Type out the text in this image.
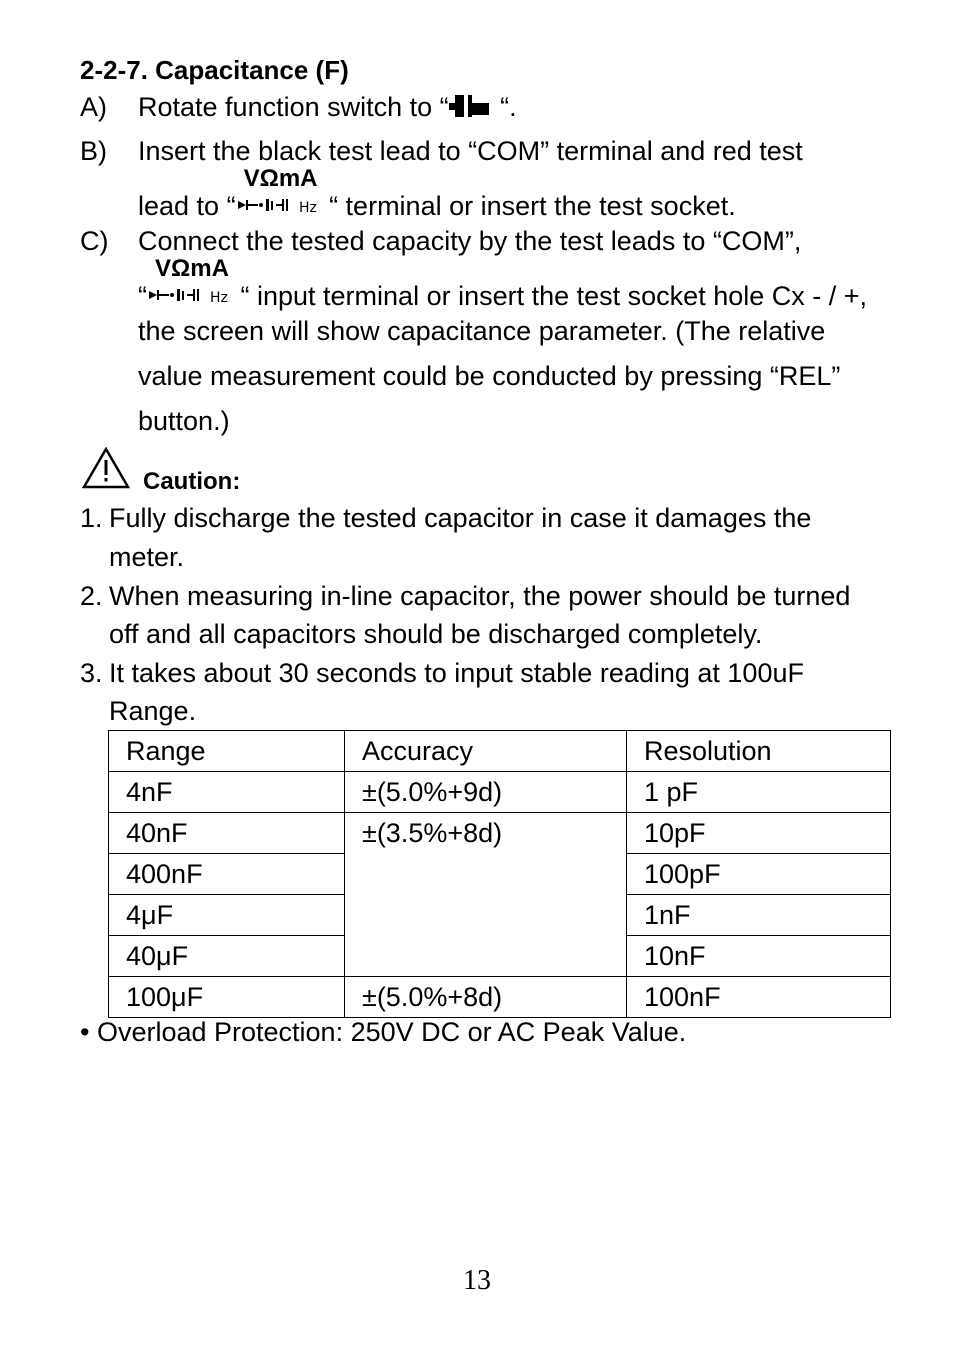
2-2-7. Capacitance (F)
A) Rotate function switch to “ “.
B) Insert the black test lead to “COM” terminal and red test
lead to “
VΩmA
Hz “ terminal or insert the test socket.
C) Connect the tested capacity by the test leads to “COM”,
“
VΩmA
Hz “ input terminal or insert the test socket hole Cx - / +,
the screen will show capacitance parameter. (The relative
value measurement could be conducted by pressing “REL”
button.)
Caution:
1. Fully discharge the tested capacitor in case it damages the
meter.
2. When measuring in-line capacitor, the power should be turned
off and all capacitors should be discharged completely.
3. It takes about 30 seconds to input stable reading at 100uF
Range.
Range	Accuracy	Resolution
4nF	±(5.0%+9d)	1 pF
40nF	±(3.5%+8d)	10pF
400nF		100pF
4μF		1nF
40μF		10nF
100μF	±(5.0%+8d)	100nF
• Overload Protection: 250V DC or AC Peak Value.
13
